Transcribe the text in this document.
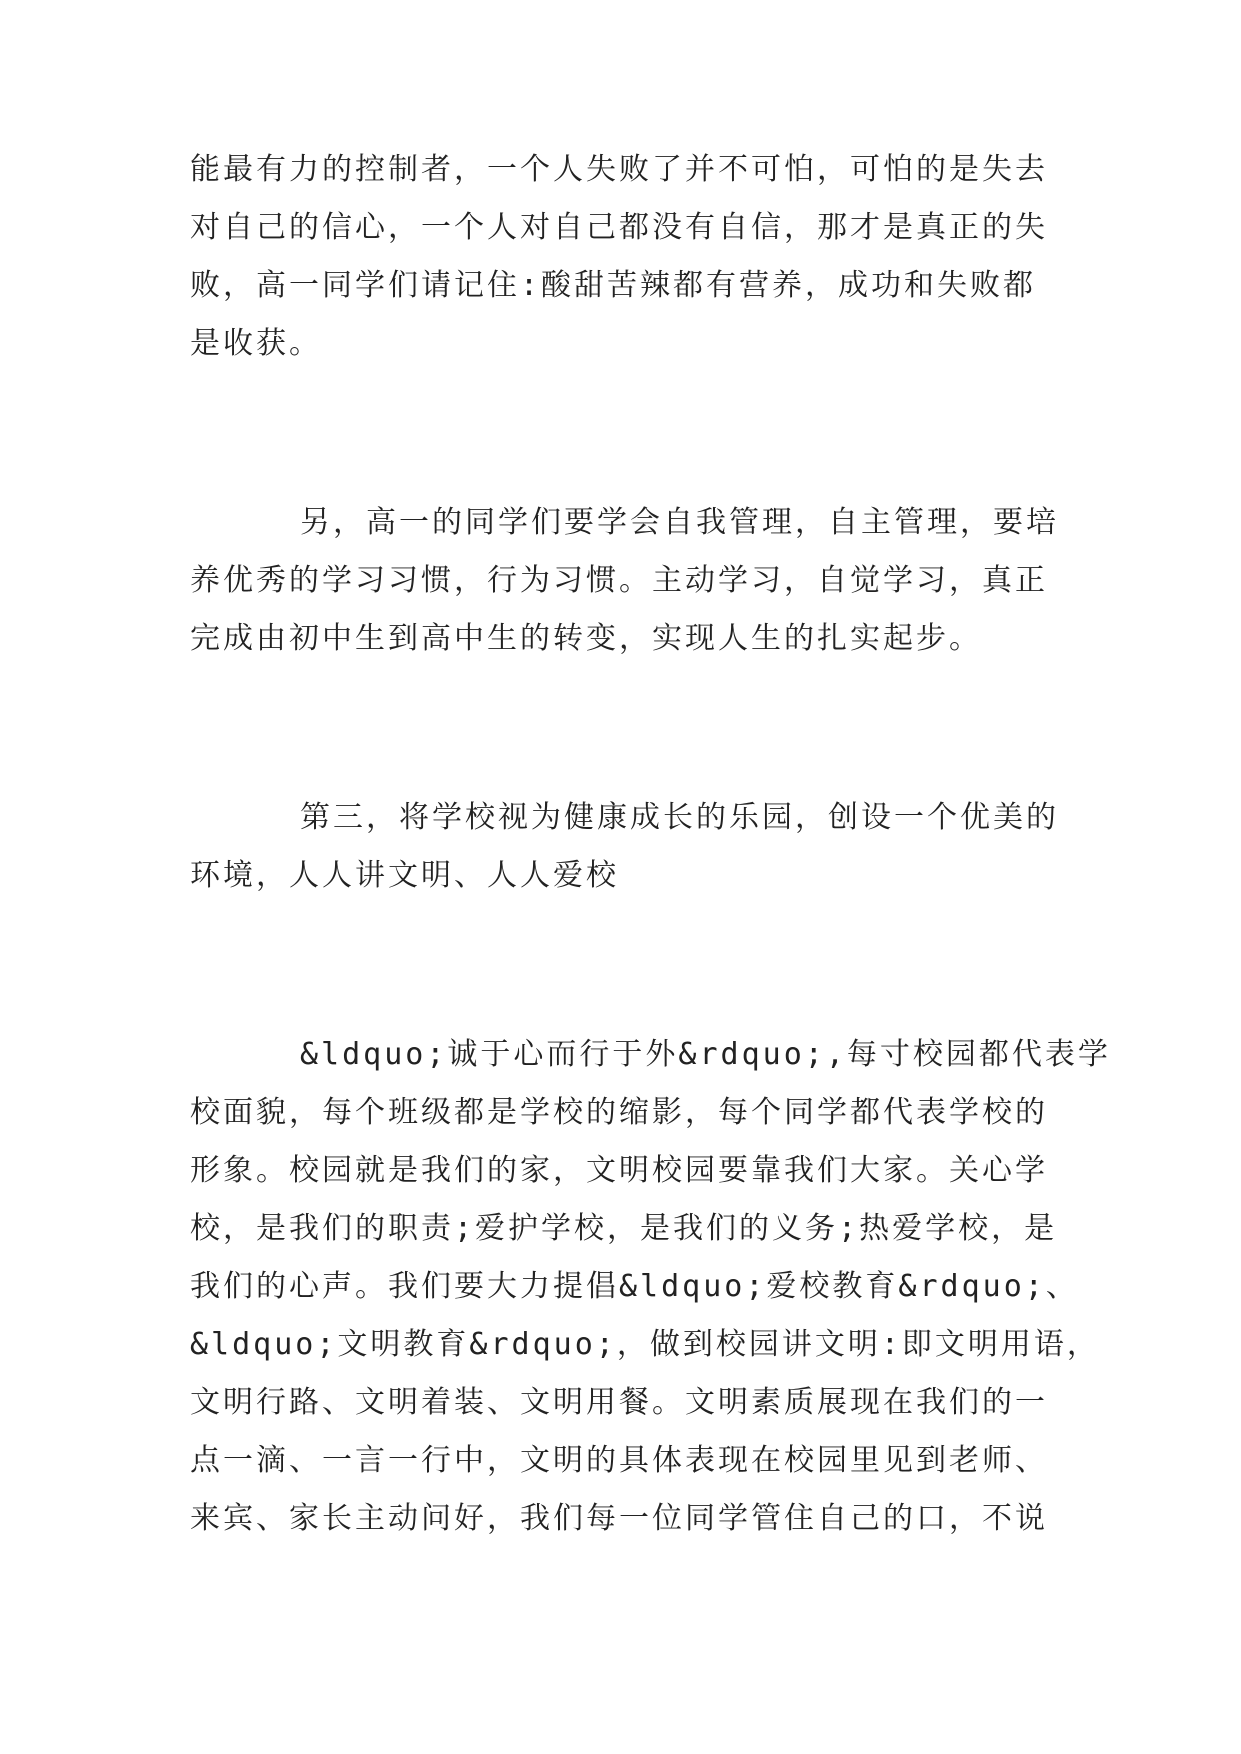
能最有力的控制者，一个人失败了并不可怕，可怕的是失去
对自己的信心，一个人对自己都没有自信，那才是真正的失
败，高一同学们请记住:酸甜苦辣都有营养，成功和失败都
是收获。
另，高一的同学们要学会自我管理，自主管理，要培
养优秀的学习习惯，行为习惯。主动学习，自觉学习，真正
完成由初中生到高中生的转变，实现人生的扎实起步。
第三，将学校视为健康成长的乐园，创设一个优美的
环境，人人讲文明、人人爱校
&ldquo;诚于心而行于外&rdquo;,每寸校园都代表学
校面貌，每个班级都是学校的缩影，每个同学都代表学校的
形象。校园就是我们的家，文明校园要靠我们大家。关心学
校，是我们的职责;爱护学校，是我们的义务;热爱学校，是
我们的心声。我们要大力提倡&ldquo;爱校教育&rdquo;、
&ldquo;文明教育&rdquo;，做到校园讲文明:即文明用语，
文明行路、文明着装、文明用餐。文明素质展现在我们的一
点一滴、一言一行中，文明的具体表现在校园里见到老师、
来宾、家长主动问好，我们每一位同学管住自己的口，不说
